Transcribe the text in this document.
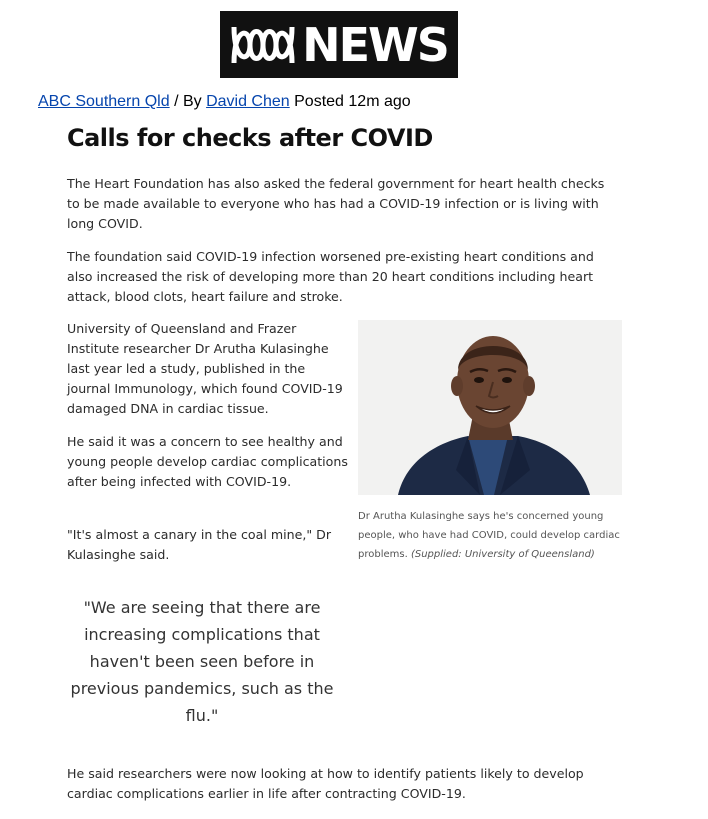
NEWS
ABC Southern Qld / By David Chen Posted 12m ago
Calls for checks after COVID

The Heart Foundation has also asked the federal government for heart health checks to be made available to everyone who has had a COVID-19 infection or is living with long COVID.

The foundation said COVID-19 infection worsened pre-existing heart conditions and also increased the risk of developing more than 20 heart conditions including heart attack, blood clots, heart failure and stroke.

University of Queensland and Frazer Institute researcher Dr Arutha Kulasinghe last year led a study, published in the journal Immunology, which found COVID-19 damaged DNA in cardiac tissue.

He said it was a concern to see healthy and young people develop cardiac complications after being infected with COVID-19.

"It's almost a canary in the coal mine," Dr Kulasinghe said.

Dr Arutha Kulasinghe says he's concerned young people, who have had COVID, could develop cardiac problems. (Supplied: University of Queensland)

"We are seeing that there are increasing complications that haven't been seen before in previous pandemics, such as the flu."

He said researchers were now looking at how to identify patients likely to develop cardiac complications earlier in life after contracting COVID-19.
